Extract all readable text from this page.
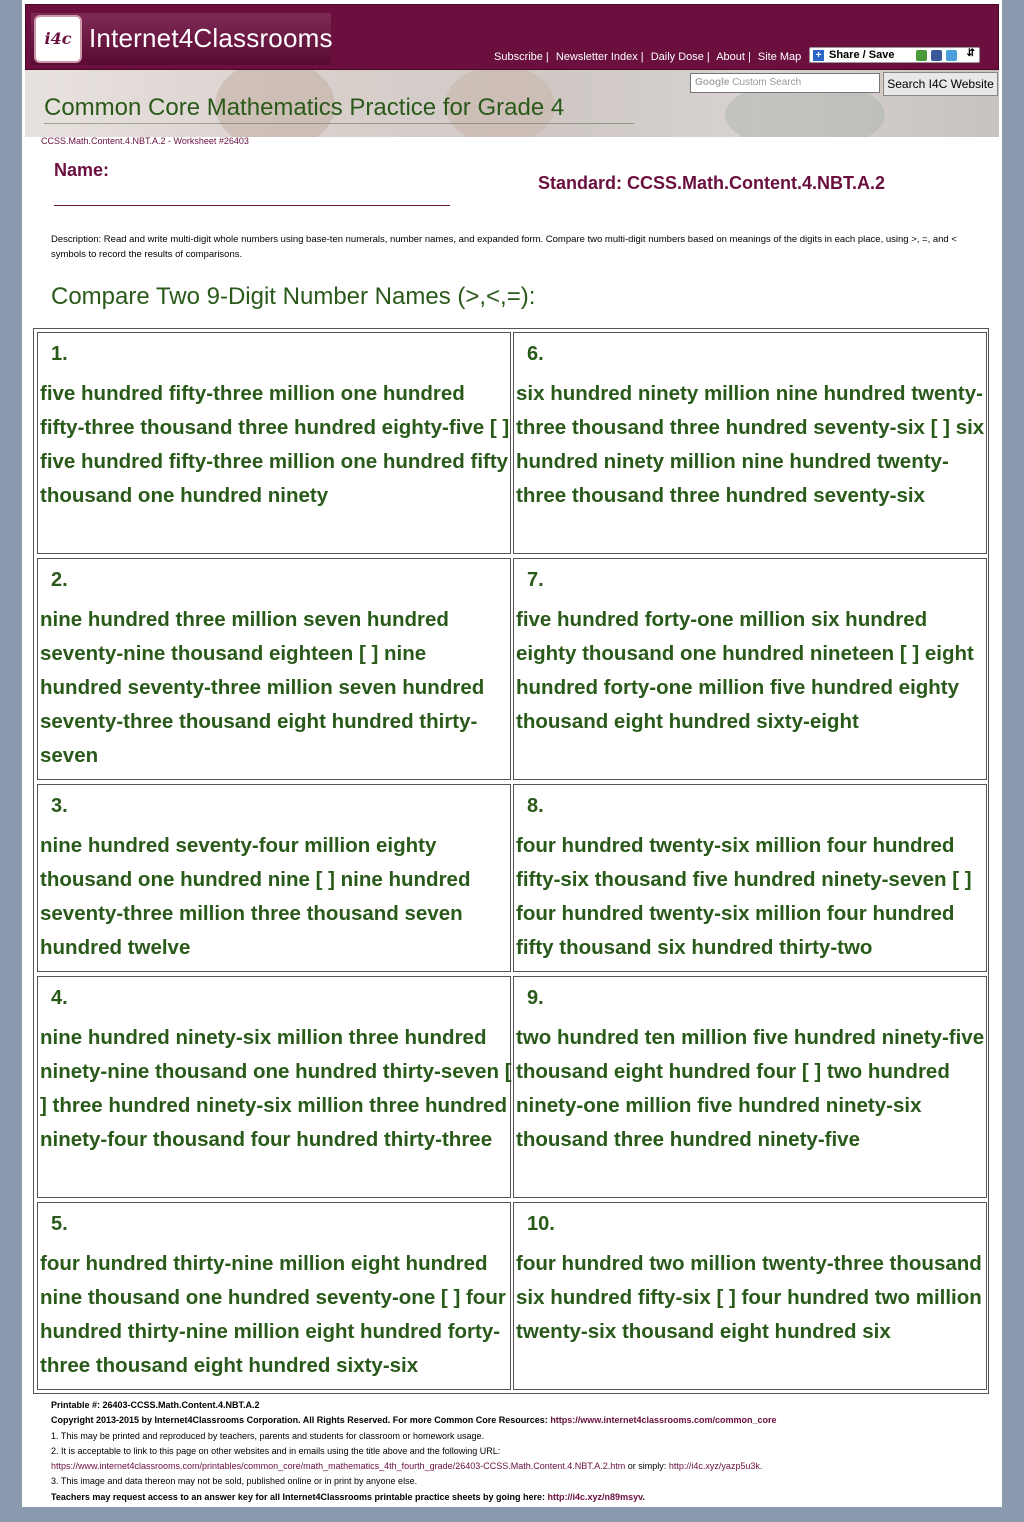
i4c Internet4Classrooms
Subscribe | Newsletter Index | Daily Dose | About | Site Map + Share / Save	⇵
Google Custom Search	Search I4C Website
Common Core Mathematics Practice for Grade 4
CCSS.Math.Content.4.NBT.A.2 - Worksheet #26403
Name:
Standard: CCSS.Math.Content.4.NBT.A.2
Description: Read and write multi-digit whole numbers using base-ten numerals, number names, and expanded form. Compare two multi-digit numbers based on meanings of the digits in each place, using >, =, and < symbols to record the results of comparisons.
Compare Two 9-Digit Number Names (>,<,=):
1.
five hundred fifty-three million one hundred fifty-three thousand three hundred eighty-five [ ] five hundred fifty-three million one hundred fifty thousand one hundred ninety
6.
six hundred ninety million nine hundred twenty-three thousand three hundred seventy-six [ ] six hundred ninety million nine hundred twenty-three thousand three hundred seventy-six
2.
nine hundred three million seven hundred seventy-nine thousand eighteen [ ] nine hundred seventy-three million seven hundred seventy-three thousand eight hundred thirty-seven
7.
five hundred forty-one million six hundred eighty thousand one hundred nineteen [ ] eight hundred forty-one million five hundred eighty thousand eight hundred sixty-eight
3.
nine hundred seventy-four million eighty thousand one hundred nine [ ] nine hundred seventy-three million three thousand seven hundred twelve
8.
four hundred twenty-six million four hundred fifty-six thousand five hundred ninety-seven [ ] four hundred twenty-six million four hundred fifty thousand six hundred thirty-two
4.
nine hundred ninety-six million three hundred ninety-nine thousand one hundred thirty-seven [ ] three hundred ninety-six million three hundred ninety-four thousand four hundred thirty-three
9.
two hundred ten million five hundred ninety-five thousand eight hundred four [ ] two hundred ninety-one million five hundred ninety-six thousand three hundred ninety-five
5.
four hundred thirty-nine million eight hundred nine thousand one hundred seventy-one [ ] four hundred thirty-nine million eight hundred forty-three thousand eight hundred sixty-six
10.
four hundred two million twenty-three thousand six hundred fifty-six [ ] four hundred two million twenty-six thousand eight hundred six
Printable #: 26403-CCSS.Math.Content.4.NBT.A.2
Copyright 2013-2015 by Internet4Classrooms Corporation. All Rights Reserved. For more Common Core Resources: https://www.internet4classrooms.com/common_core
1. This may be printed and reproduced by teachers, parents and students for classroom or homework usage.
2. It is acceptable to link to this page on other websites and in emails using the title above and the following URL:
https://www.internet4classrooms.com/printables/common_core/math_mathematics_4th_fourth_grade/26403-CCSS.Math.Content.4.NBT.A.2.htm or simply: http://i4c.xyz/yazp5u3k.
3. This image and data thereon may not be sold, published online or in print by anyone else.
Teachers may request access to an answer key for all Internet4Classrooms printable practice sheets by going here: http://i4c.xyz/n89msyv.
